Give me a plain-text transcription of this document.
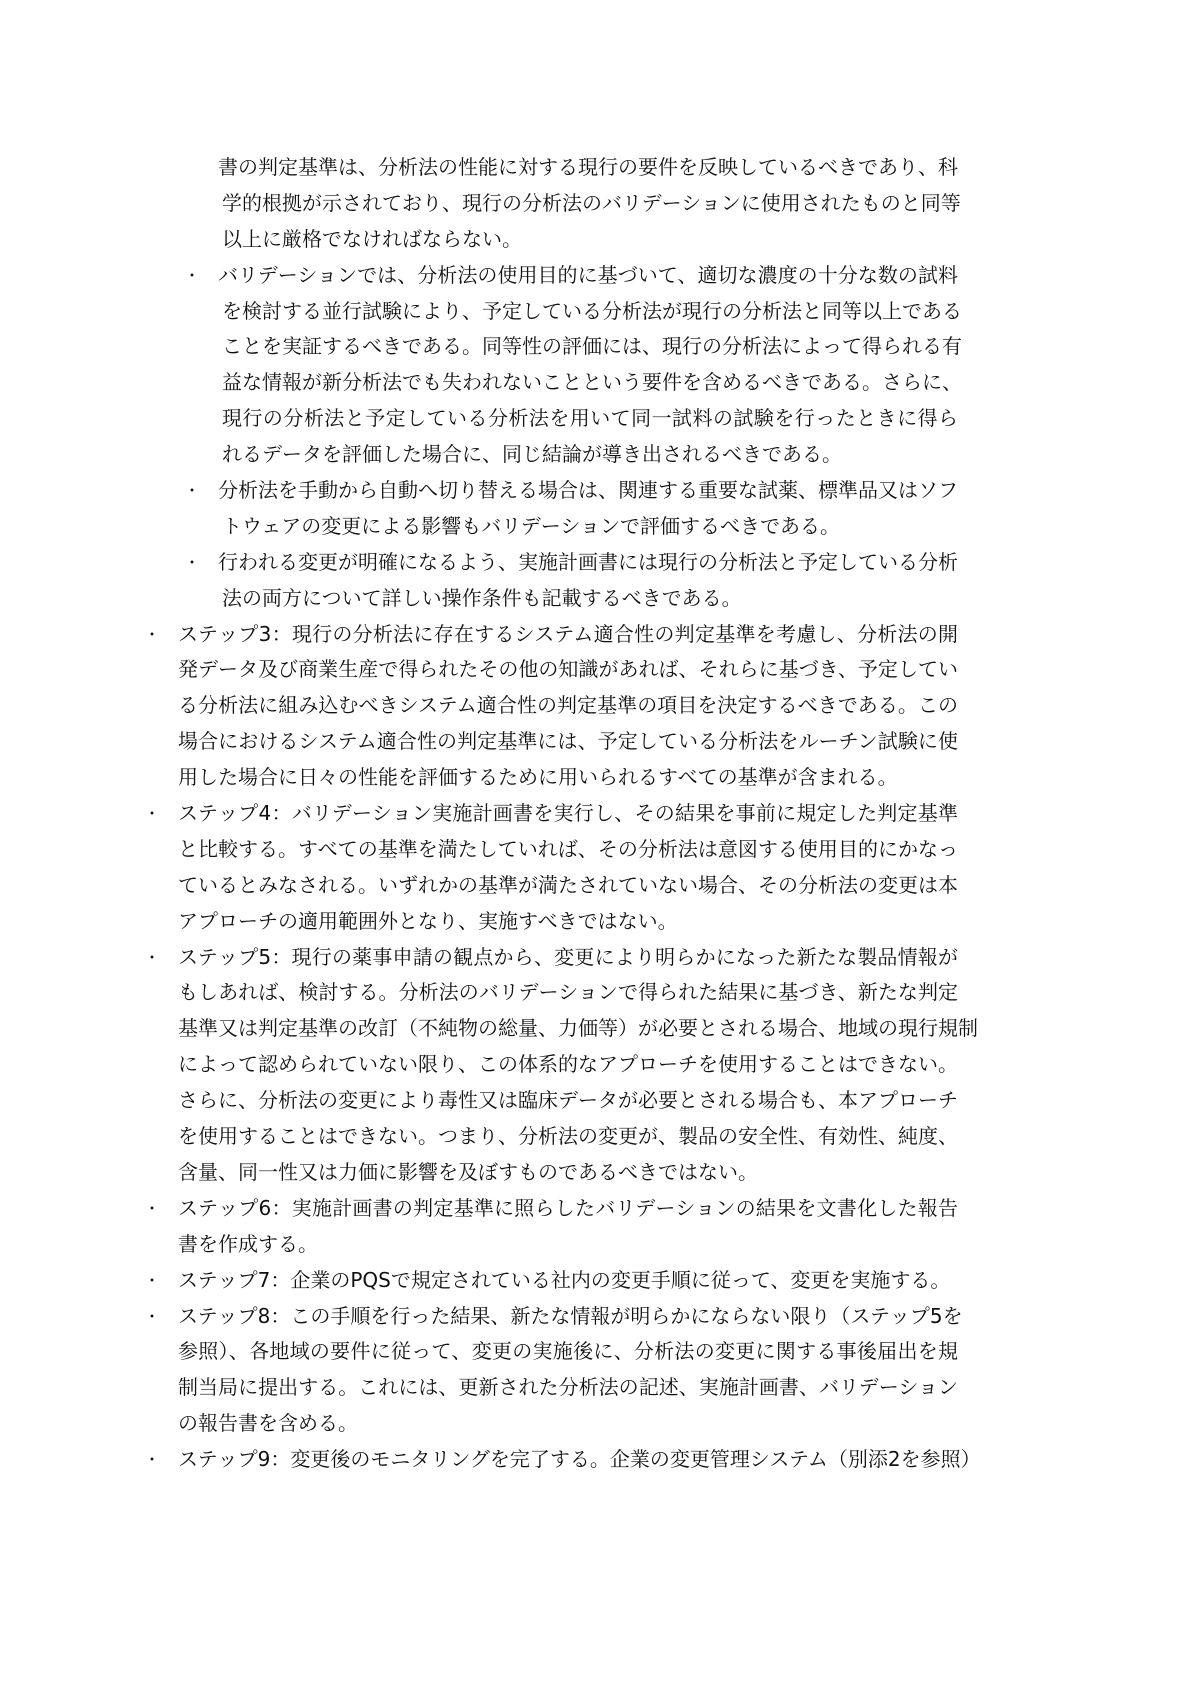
書の判定基準は、分析法の性能に対する現行の要件を反映しているべきであり、科
学的根拠が示されており、現行の分析法のバリデーションに使用されたものと同等
以上に厳格でなければならない。
・ バリデーションでは、分析法の使用目的に基づいて、適切な濃度の十分な数の試料
を検討する並行試験により、予定している分析法が現行の分析法と同等以上である
ことを実証するべきである。同等性の評価には、現行の分析法によって得られる有
益な情報が新分析法でも失われないことという要件を含めるべきである。さらに、
現行の分析法と予定している分析法を用いて同一試料の試験を行ったときに得ら
れるデータを評価した場合に、同じ結論が導き出されるべきである。
・ 分析法を手動から自動へ切り替える場合は、関連する重要な試薬、標準品又はソフ
トウェアの変更による影響もバリデーションで評価するべきである。
・ 行われる変更が明確になるよう、実施計画書には現行の分析法と予定している分析
法の両方について詳しい操作条件も記載するべきである。
・ ステップ3：現行の分析法に存在するシステム適合性の判定基準を考慮し、分析法の開
発データ及び商業生産で得られたその他の知識があれば、それらに基づき、予定してい
る分析法に組み込むべきシステム適合性の判定基準の項目を決定するべきである。この
場合におけるシステム適合性の判定基準には、予定している分析法をルーチン試験に使
用した場合に日々の性能を評価するために用いられるすべての基準が含まれる。
・ ステップ4：バリデーション実施計画書を実行し、その結果を事前に規定した判定基準
と比較する。すべての基準を満たしていれば、その分析法は意図する使用目的にかなっ
ているとみなされる。いずれかの基準が満たされていない場合、その分析法の変更は本
アプローチの適用範囲外となり、実施すべきではない。
・ ステップ5：現行の薬事申請の観点から、変更により明らかになった新たな製品情報が
もしあれば、検討する。分析法のバリデーションで得られた結果に基づき、新たな判定
基準又は判定基準の改訂（不純物の総量、力価等）が必要とされる場合、地域の現行規制
によって認められていない限り、この体系的なアプローチを使用することはできない。
さらに、分析法の変更により毒性又は臨床データが必要とされる場合も、本アプローチ
を使用することはできない。つまり、分析法の変更が、製品の安全性、有効性、純度、
含量、同一性又は力価に影響を及ぼすものであるべきではない。
・ ステップ6：実施計画書の判定基準に照らしたバリデーションの結果を文書化した報告
書を作成する。
・ ステップ7：企業のPQSで規定されている社内の変更手順に従って、変更を実施する。
・ ステップ8：この手順を行った結果、新たな情報が明らかにならない限り（ステップ5を
参照）、各地域の要件に従って、変更の実施後に、分析法の変更に関する事後届出を規
制当局に提出する。これには、更新された分析法の記述、実施計画書、バリデーション
の報告書を含める。
・ ステップ9：変更後のモニタリングを完了する。企業の変更管理システム（別添2を参照）
